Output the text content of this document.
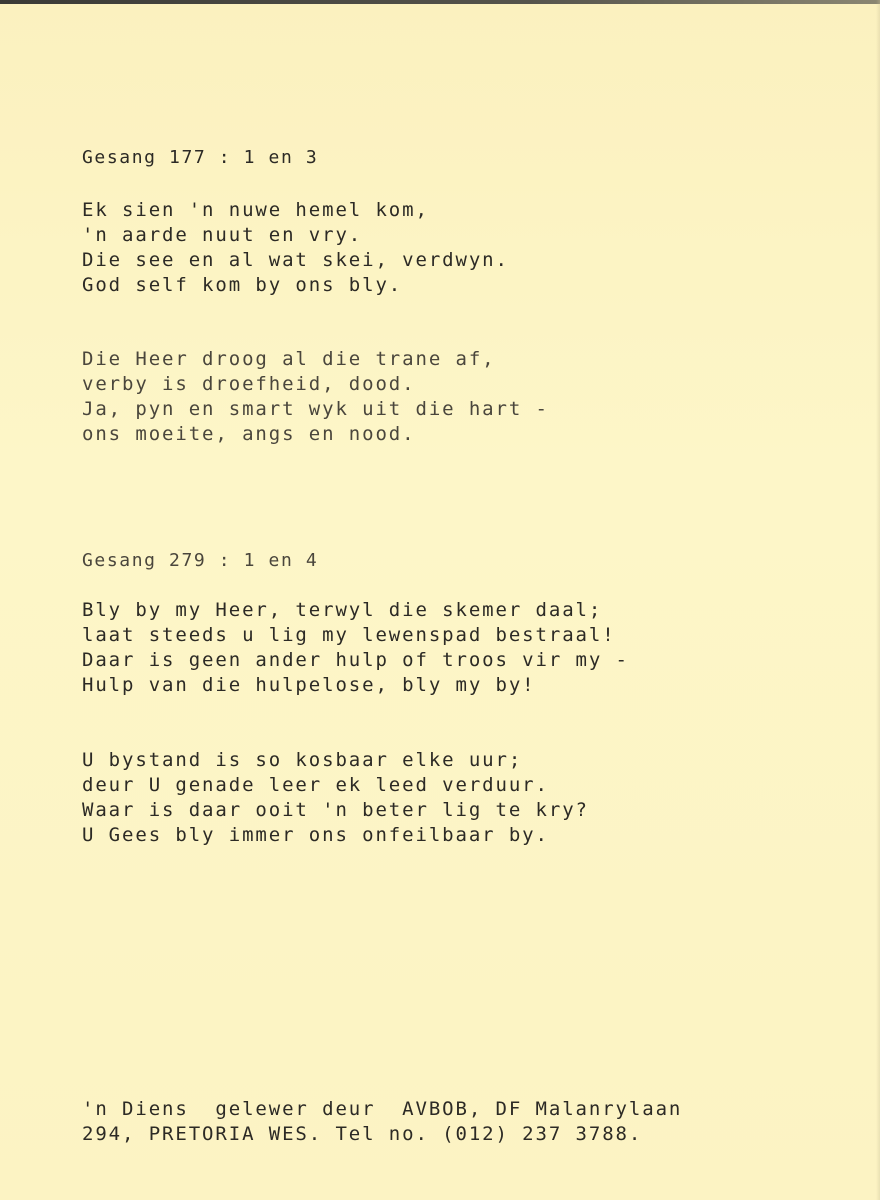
Gesang 177 : 1 en 3
Ek sien 'n nuwe hemel kom,
'n aarde nuut en vry.
Die see en al wat skei, verdwyn.
God self kom by ons bly.
Die Heer droog al die trane af,
verby is droefheid, dood.
Ja, pyn en smart wyk uit die hart -
ons moeite, angs en nood.
Gesang 279 : 1 en 4
Bly by my Heer, terwyl die skemer daal;
laat steeds u lig my lewenspad bestraal!
Daar is geen ander hulp of troos vir my -
Hulp van die hulpelose, bly my by!
U bystand is so kosbaar elke uur;
deur U genade leer ek leed verduur.
Waar is daar ooit 'n beter lig te kry?
U Gees bly immer ons onfeilbaar by.
'n Diens  gelewer deur  AVBOB, DF Malanrylaan
294, PRETORIA WES. Tel no. (012) 237 3788.
